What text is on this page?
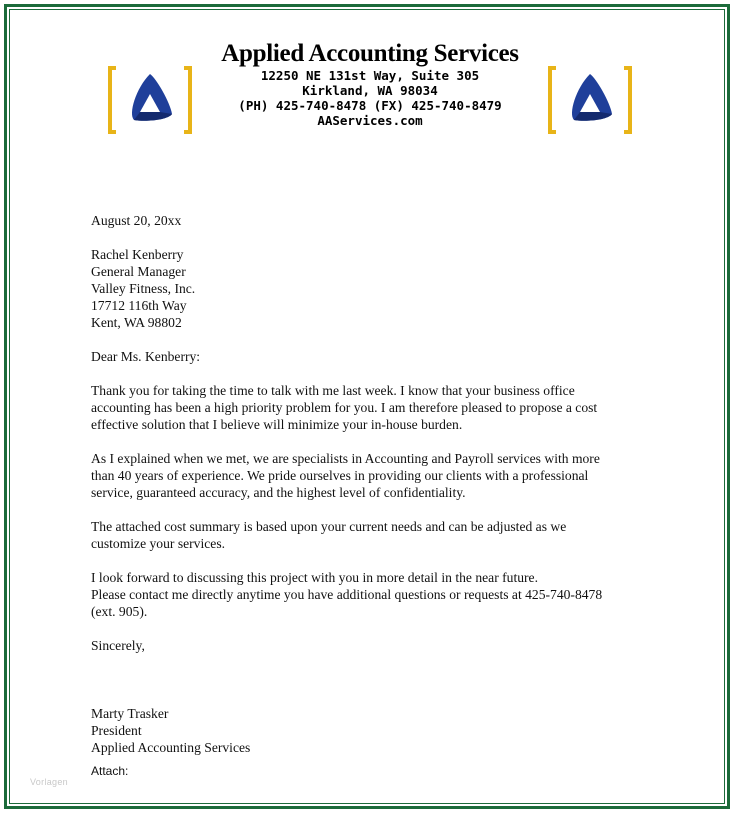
Applied Accounting Services
12250 NE 131st Way, Suite 305
Kirkland, WA 98034
(PH) 425-740-8478 (FX) 425-740-8479
AAServices.com

August 20, 20xx

Rachel Kenberry

General Manager

Valley Fitness, Inc.

17712 116th Way

Kent, WA 98802

Dear Ms. Kenberry:

Thank you for taking the time to talk with me last week. I know that your business office

accounting has been a high priority problem for you. I am therefore pleased to propose a cost

effective solution that I believe will minimize your in-house burden.

As I explained when we met, we are specialists in Accounting and Payroll services with more

than 40 years of experience. We pride ourselves in providing our clients with a professional

service, guaranteed accuracy, and the highest level of confidentiality.

The attached cost summary is based upon your current needs and can be adjusted as we

customize your services.

I look forward to discussing this project with you in more detail in the near future.

Please contact me directly anytime you have additional questions or requests at 425-740-8478

(ext. 905).

Sincerely,

Marty Trasker

President

Applied Accounting Services

Attach:
Vorlagen
